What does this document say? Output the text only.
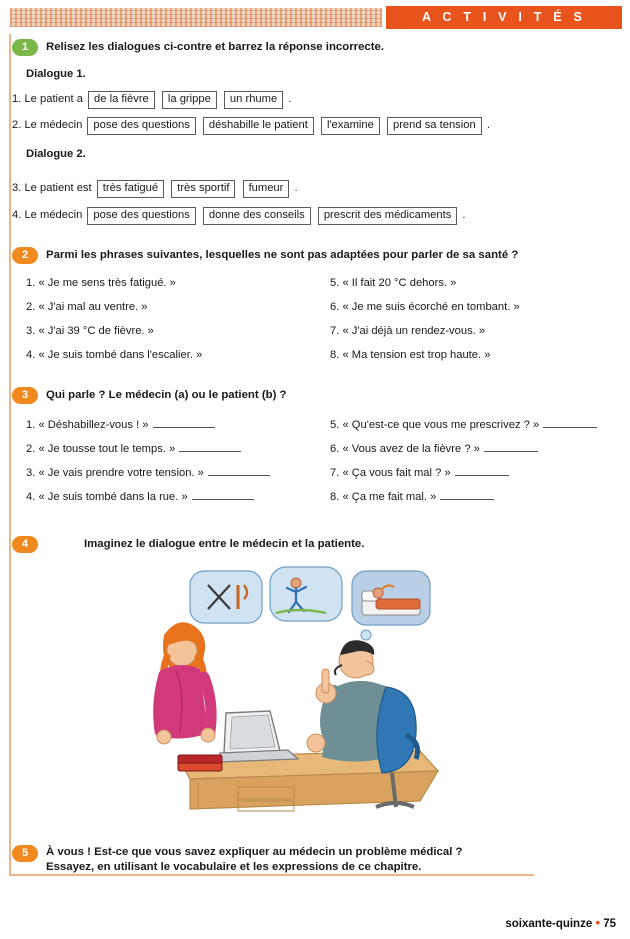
A C T I V I T É S
1	Relisez les dialogues ci-contre et barrez la réponse incorrecte.
Dialogue 1.
1. Le patient a de la fièvre la grippe un rhume .
2. Le médecin pose des questions déshabille le patient l'examine prend sa tension .
Dialogue 2.
3. Le patient est très fatigué très sportif fumeur .
4. Le médecin pose des questions donne des conseils prescrit des médicaments .
2	Parmi les phrases suivantes, lesquelles ne sont pas adaptées pour parler de sa santé ?
1. « Je me sens très fatigué. »
2. « J'ai mal au ventre. »
3. « J'ai 39 °C de fièvre. »
4. « Je suis tombé dans l'escalier. »
5. « Il fait 20 °C dehors. »
6. « Je me suis écorché en tombant. »
7. « J'ai déjà un rendez-vous. »
8. « Ma tension est trop haute. »
3	Qui parle ? Le médecin (a) ou le patient (b) ?
1. « Déshabillez-vous ! »
2. « Je tousse tout le temps. »
3. « Je vais prendre votre tension. »
4. « Je suis tombé dans la rue. »
5. « Qu'est-ce que vous me prescrivez ? »
6. « Vous avez de la fièvre ? »
7. « Ça vous fait mal ? »
8. « Ça me fait mal. »
4	Imaginez le dialogue entre le médecin et la patiente.
5	À vous ! Est-ce que vous savez expliquer au médecin un problème médical ?
Essayez, en utilisant le vocabulaire et les expressions de ce chapitre.
soixante-quinze • 75
